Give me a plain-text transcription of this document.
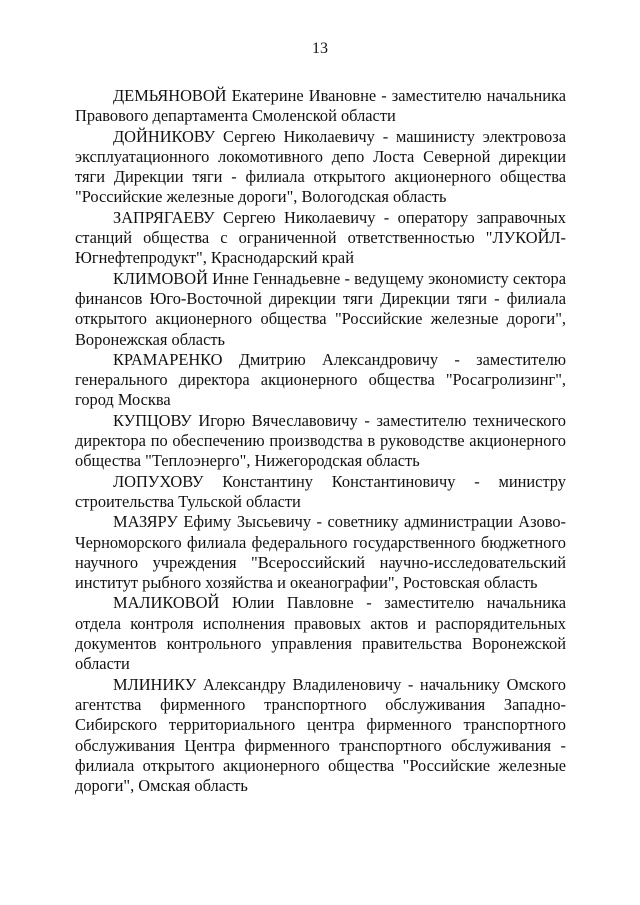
13

ДЕМЬЯНОВОЙ Екатерине Ивановне - заместителю начальника Правового департамента Смоленской области

ДОЙНИКОВУ Сергею Николаевичу - машинисту электровоза эксплуатационного локомотивного депо Лоста Северной дирекции тяги Дирекции тяги - филиала открытого акционерного общества "Российские железные дороги", Вологодская область

ЗАПРЯГАЕВУ Сергею Николаевичу - оператору заправочных станций общества с ограниченной ответственностью "ЛУКОЙЛ-Югнефтепродукт", Краснодарский край

КЛИМОВОЙ Инне Геннадьевне - ведущему экономисту сектора финансов Юго-Восточной дирекции тяги Дирекции тяги - филиала открытого акционерного общества "Российские железные дороги", Воронежская область

КРАМАРЕНКО Дмитрию Александровичу - заместителю генерального директора акционерного общества "Росагролизинг", город Москва

КУПЦОВУ Игорю Вячеславовичу - заместителю технического директора по обеспечению производства в руководстве акционерного общества "Теплоэнерго", Нижегородская область

ЛОПУХОВУ Константину Константиновичу - министру строительства Тульской области

МАЗЯРУ Ефиму Зысьевичу - советнику администрации Азово-Черноморского филиала федерального государственного бюджетного научного учреждения "Всероссийский научно-исследовательский институт рыбного хозяйства и океанографии", Ростовская область

МАЛИКОВОЙ Юлии Павловне - заместителю начальника отдела контроля исполнения правовых актов и распорядительных документов контрольного управления правительства Воронежской области

МЛИНИКУ Александру Владиленовичу - начальнику Омского агентства фирменного транспортного обслуживания Западно-Сибирского территориального центра фирменного транспортного обслуживания Центра фирменного транспортного обслуживания - филиала открытого акционерного общества "Российские железные дороги", Омская область
